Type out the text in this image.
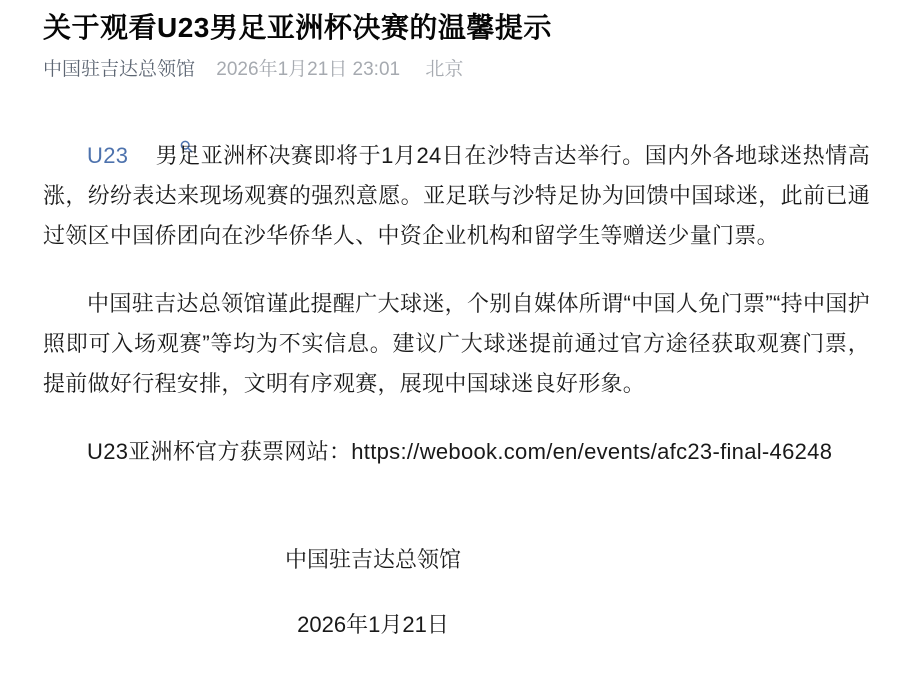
关于观看U23男足亚洲杯决赛的温馨提示
中国驻吉达总领馆 2026年1月21日 23:01 北京

U23 男足亚洲杯决赛即将于1月24日在沙特吉达举行。国内外各地球迷热情高涨，纷纷表达来现场观赛的强烈意愿。亚足联与沙特足协为回馈中国球迷，此前已通过领区中国侨团向在沙华侨华人、中资企业机构和留学生等赠送少量门票。

中国驻吉达总领馆谨此提醒广大球迷，个别自媒体所谓“中国人免门票”“持中国护照即可入场观赛”等均为不实信息。建议广大球迷提前通过官方途径获取观赛门票，提前做好行程安排，文明有序观赛，展现中国球迷良好形象。

U23亚洲杯官方获票网站：https://webook.com/en/events/afc23-final-46248

中国驻吉达总领馆

2026年1月21日
